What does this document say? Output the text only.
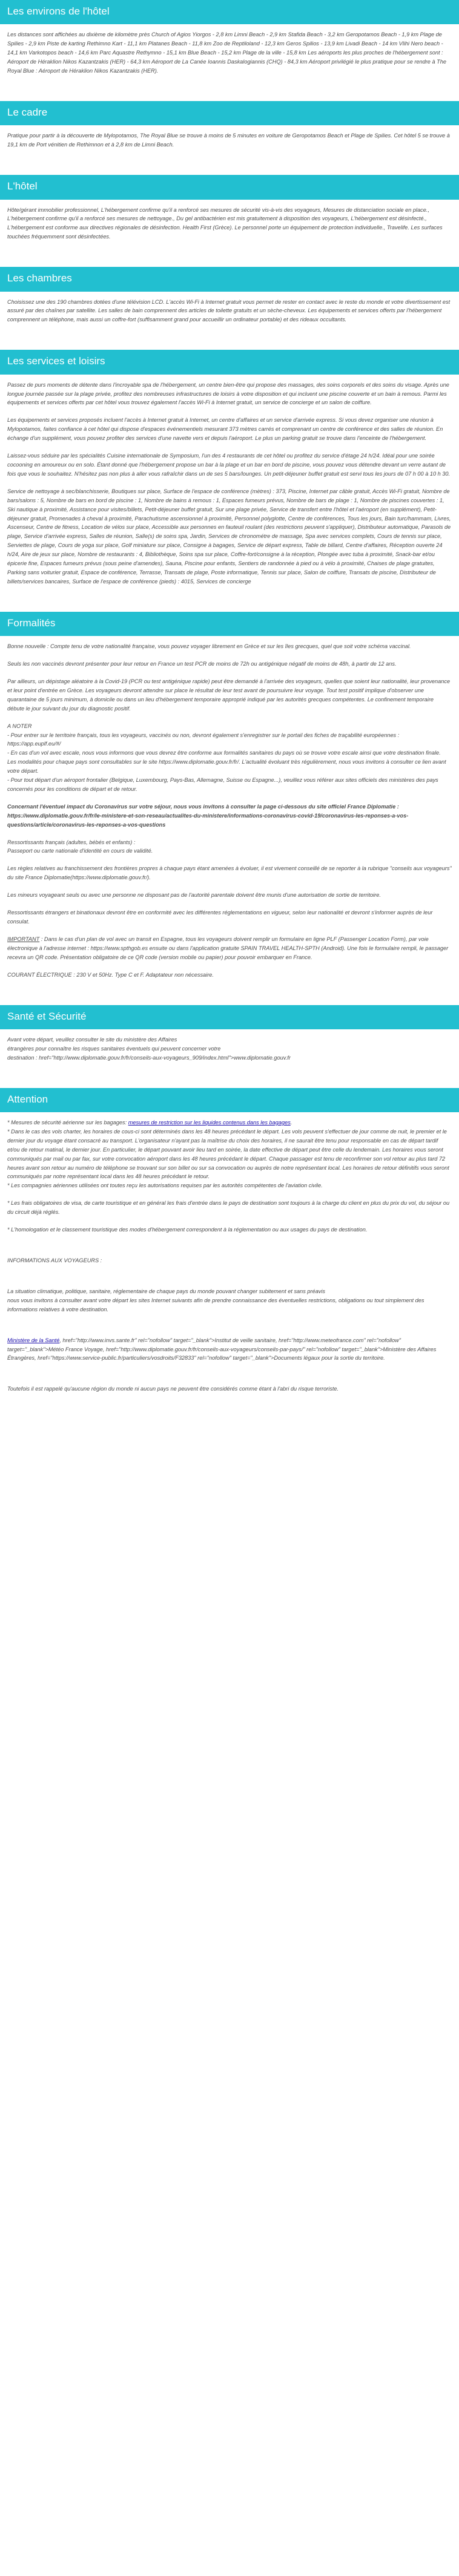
Les environs de l'hôtel

Les distances sont affichées au dixième de kilomètre près Church of Agios Yiorgos - 2,8 km Limni Beach - 2,9 km Stafida Beach - 3,2 km Geropotamos Beach - 1,9 km Plage de Spilies - 2,9 km Piste de karting Rethimno Kart - 11,1 km Platanes Beach - 11,8 km Zoo de Reptiloland - 12,3 km Geros Spilios - 13,9 km Livadi Beach - 14 km Vlihi Nero beach - 14,1 km Varkotopos beach - 14,6 km Parc Aquastre Rethymno - 15,1 km Blue Beach - 15,2 km Plage de la ville - 15,8 km Les aéroports les plus proches de l'hébergement sont : Aéroport de Héraklion Nikos Kazantzakis (HER) - 64,3 km Aéroport de La Canée Ioannis Daskalogiannis (CHQ) - 84,3 km Aéroport privilégié le plus pratique pour se rendre à The Royal Blue : Aéroport de Héraklion Nikos Kazantzakis (HER).

Le cadre

Pratique pour partir à la découverte de Mylopotamos, The Royal Blue se trouve à moins de 5 minutes en voiture de Geropotamos Beach et Plage de Spilies. Cet hôtel 5 se trouve à 19,1 km de Port vénitien de Rethimnon et à 2,8 km de Limni Beach.

L'hôtel

Hôte/gérant immobilier professionnel, L'hébergement confirme qu'il a renforcé ses mesures de sécurité vis-à-vis des voyageurs, Mesures de distanciation sociale en place., L'hébergement confirme qu'il a renforcé ses mesures de nettoyage., Du gel antibactérien est mis gratuitement à disposition des voyageurs, L'hébergement est désinfecté., L'hébergement est conforme aux directives régionales de désinfection. Health First (Grèce). Le personnel porte un équipement de protection individuelle., Travelife. Les surfaces touchées fréquemment sont désinfectées.

Les chambres

Choisissez une des 190 chambres dotées d'une télévision LCD. L'accès Wi-Fi à Internet gratuit vous permet de rester en contact avec le reste du monde et votre divertissement est assuré par des chaînes par satellite. Les salles de bain comprennent des articles de toilette gratuits et un sèche-cheveux. Les équipements et services offerts par l'hébergement comprennent un téléphone, mais aussi un coffre-fort (suffisamment grand pour accueillir un ordinateur portable) et des rideaux occultants.

Les services et loisirs

Passez de purs moments de détente dans l'incroyable spa de l'hébergement, un centre bien-être qui propose des massages, des soins corporels et des soins du visage. Après une longue journée passée sur la plage privée, profitez des nombreuses infrastructures de loisirs à votre disposition et qui incluent une piscine couverte et un bain à remous. Parmi les équipements et services offerts par cet hôtel vous trouvez également l'accès Wi-Fi à Internet gratuit, un service de concierge et un salon de coiffure.

Les équipements et services proposés incluent l'accès à Internet gratuit à Internet, un centre d'affaires et un service d'arrivée express. Si vous devez organiser une réunion à Mylopotamos, faites confiance à cet hôtel qui dispose d'espaces événementiels mesurant 373 mètres carrés et comprenant un centre de conférence et des salles de réunion. En échange d'un supplément, vous pouvez profiter des services d'une navette vers et depuis l'aéroport. Le plus un parking gratuit se trouve dans l'enceinte de l'hébergement.

Laissez-vous séduire par les spécialités Cuisine internationale de Symposium, l'un des 4 restaurants de cet hôtel ou profitez du service d'étage 24 h/24. Idéal pour une soirée cocooning en amoureux ou en solo. Étant donné que l'hébergement propose un bar à la plage et un bar en bord de piscine, vous pouvez vous détendre devant un verre autant de fois que vous le souhaitez. N'hésitez pas non plus à aller vous rafraîchir dans un de ses 5 bars/lounges. Un petit-déjeuner buffet gratuit est servi tous les jours de 07 h 00 à 10 h 30.

Service de nettoyage à sec/blanchisserie, Boutiques sur place, Surface de l'espace de conférence (mètres) : 373, Piscine, Internet par câble gratuit, Accès Wi-Fi gratuit, Nombre de bars/salons : 5, Nombre de bars en bord de piscine : 1, Nombre de bains à remous : 1, Espaces fumeurs prévus, Nombre de bars de plage : 1, Nombre de piscines couvertes : 1, Ski nautique à proximité, Assistance pour visites/billets, Petit-déjeuner buffet gratuit, Sur une plage privée, Service de transfert entre l'hôtel et l'aéroport (en supplément), Petit-déjeuner gratuit, Promenades à cheval à proximité, Parachutisme ascensionnel à proximité, Personnel polyglotte, Centre de conférences, Tous les jours, Bain turc/hammam, Livres, Ascenseur, Centre de fitness, Location de vélos sur place, Accessible aux personnes en fauteuil roulant (des restrictions peuvent s'appliquer), Distributeur automatique, Parasols de plage, Service d'arrivée express, Salles de réunion, Salle(s) de soins spa, Jardin, Services de chronométre de massage, Spa avec services complets, Cours de tennis sur place, Serviettes de plage, Cours de yoga sur place, Golf miniature sur place, Consigne à bagages, Service de départ express, Table de billard, Centre d'affaires, Réception ouverte 24 h/24, Aire de jeux sur place, Nombre de restaurants : 4, Bibliothèque, Soins spa sur place, Coffre-fort/consigne à la réception, Plongée avec tuba à proximité, Snack-bar et/ou épicerie fine, Espaces fumeurs prévus (sous peine d'amendes), Sauna, Piscine pour enfants, Sentiers de randonnée à pied ou à vélo à proximité, Chaises de plage gratuites, Parking sans voiturier gratuit, Espace de conférence, Terrasse, Transats de plage, Poste informatique, Tennis sur place, Salon de coiffure, Transats de piscine, Distributeur de billets/services bancaires, Surface de l'espace de conférence (pieds) : 4015, Services de concierge

Formalités

Bonne nouvelle : Compte tenu de votre nationalité française, vous pouvez voyager librement en Grèce et sur les îles grecques, quel que soit votre schéma vaccinal.

Seuls les non vaccinés devront présenter pour leur retour en France un test PCR de moins de 72h ou antigénique négatif de moins de 48h, à partir de 12 ans.

Par ailleurs, un dépistage aléatoire à la Covid-19 (PCR ou test antigénique rapide) peut être demandé à l'arrivée des voyageurs, quelles que soient leur nationalité, leur provenance et leur point d'entrée en Grèce. Les voyageurs devront attendre sur place le résultat de leur test avant de poursuivre leur voyage. Tout test positif implique d'observer une quarantaine de 5 jours minimum, à domicile ou dans un lieu d'hébergement temporaire approprié indiqué par les autorités grecques compétentes. Le confinement temporaire débute le jour suivant du jour du diagnostic positif.

A NOTER
- Pour entrer sur le territoire français, tous les voyageurs, vaccinés ou non, devront également s'enregistrer sur le portail des fiches de traçabilité européennes : https://app.euplf.eu/#/
- En cas d'un vol avec escale, nous vous informons que vous devrez être conforme aux formalités sanitaires du pays où se trouve votre escale ainsi que votre destination finale.
Les modalités pour chaque pays sont consultables sur le site https://www.diplomatie.gouv.fr/fr/. L'actualité évoluant très régulièrement, nous vous invitons à consulter ce lien avant votre départ.
- Pour tout départ d'un aéroport frontalier (Belgique, Luxembourg, Pays-Bas, Allemagne, Suisse ou Espagne...), veuillez vous référer aux sites officiels des ministères des pays concernés pour les conditions de départ et de retour.

Concernant l'éventuel impact du Coronavirus sur votre séjour, nous vous invitons à consulter la page ci-dessous du site officiel France Diplomatie : https://www.diplomatie.gouv.fr/fr/le-ministere-et-son-reseau/actualites-du-ministere/informations-coronavirus-covid-19/coronavirus-les-reponses-a-vos-questions/article/coronavirus-les-reponses-a-vos-questions

Ressortissants français (adultes, bébés et enfants) :
Passeport ou carte nationale d'identité en cours de validité.

Les règles relatives au franchissement des frontières propres à chaque pays étant amenées à évoluer, il est vivement conseillé de se reporter à la rubrique "conseils aux voyageurs" du site France Diplomatie(https://www.diplomatie.gouv.fr/).

Les mineurs voyageant seuls ou avec une personne ne disposant pas de l'autorité parentale doivent être munis d'une autorisation de sortie de territoire.

Ressortissants étrangers et binationaux devront être en conformité avec les différentes réglementations en vigueur, selon leur nationalité et devront s'informer auprès de leur consulat.

IMPORTANT : Dans le cas d'un plan de vol avec un transit en Espagne, tous les voyageurs doivent remplir un formulaire en ligne PLF (Passenger Location Form), par voie électronique à l'adresse internet : https://www.spthgob.es ensuite ou dans l'application gratuite SPAIN TRAVEL HEALTH-SPTH (Android). Une fois le formulaire rempli, le passager recevra un QR code. Présentation obligatoire de ce QR code (version mobile ou papier) pour pouvoir embarquer en France.

COURANT ÉLECTRIQUE : 230 V et 50Hz. Type C et F. Adaptateur non nécessaire.

Santé et Sécurité

Avant votre départ, veuillez consulter le site du ministère des Affaires
étrangères pour connaître les risques sanitaires éventuels qui peuvent concerner votre
destination : href="http://www.diplomatie.gouv.fr/fr/conseils-aux-voyageurs_909/index.html">www.diplomatie.gouv.fr

Attention

* Mesures de sécurité aérienne sur les bagages: mesures de restriction sur les liquides contenus dans les bagages.
* Dans le cas des vols charter, les horaires de cous-ci sont déterminés dans les 48 heures précédant le départ. Les vols peuvent s'effectuer de jour comme de nuit, le premier et le dernier jour du voyage étant consacré au transport. L'organisateur n'ayant pas la maîtrise du choix des horaires, il ne saurait être tenu pour responsable en cas de départ tardif et/ou de retour matinal, le dernier jour. En particulier, le départ pouvant avoir lieu tard en soirée, la date effective de départ peut être celle du lendemain. Les horaires vous seront communiqués par mail ou par fax, sur votre convocation aéroport dans les 48 heures précédant le départ. Chaque passager est tenu de reconfirmer son vol retour au plus tard 72 heures avant son retour au numéro de téléphone se trouvant sur son billet ou sur sa convocation ou auprès de notre représentant local. Les horaires de retour définitifs vous seront communiqués par notre représentant local dans les 48 heures précédant le retour.
* Les compagnies aériennes utilisées ont toutes reçu les autorisations requises par les autorités compétentes de l'aviation civile.

* Les frais obligatoires de visa, de carte touristique et en général les frais d'entrée dans le pays de destination sont toujours à la charge du client en plus du prix du vol, du séjour ou du circuit déjà réglés.

* L'homologation et le classement touristique des modes d'hébergement correspondent à la réglementation ou aux usages du pays de destination.

INFORMATIONS AUX VOYAGEURS :

La situation climatique, politique, sanitaire, réglementaire de chaque pays du monde pouvant changer subitement et sans préavis
nous vous invitons à consulter avant votre départ les sites Internet suivants afin de prendre connaissance des éventuelles restrictions, obligations ou tout simplement des informations relatives à votre destination.

Ministère de la Santé, href="http://www.invs.sante.fr" rel="nofollow" target="_blank">Institut de veille sanitaire, href="http://www.meteofrance.com" rel="nofollow" target="_blank">Météo France Voyage, href="http://www.diplomatie.gouv.fr/fr/conseils-aux-voyageurs/conseils-par-pays/" rel="nofollow" target="_blank">Ministère des Affaires Étrangères, href="https://www.service-public.fr/particuliers/vosdroits/F32833" rel="nofollow" target="_blank">Documents légaux pour la sortie du territoire.

Toutefois il est rappelé qu'aucune région du monde ni aucun pays ne peuvent être considérés comme étant à l'abri du risque terroriste.
